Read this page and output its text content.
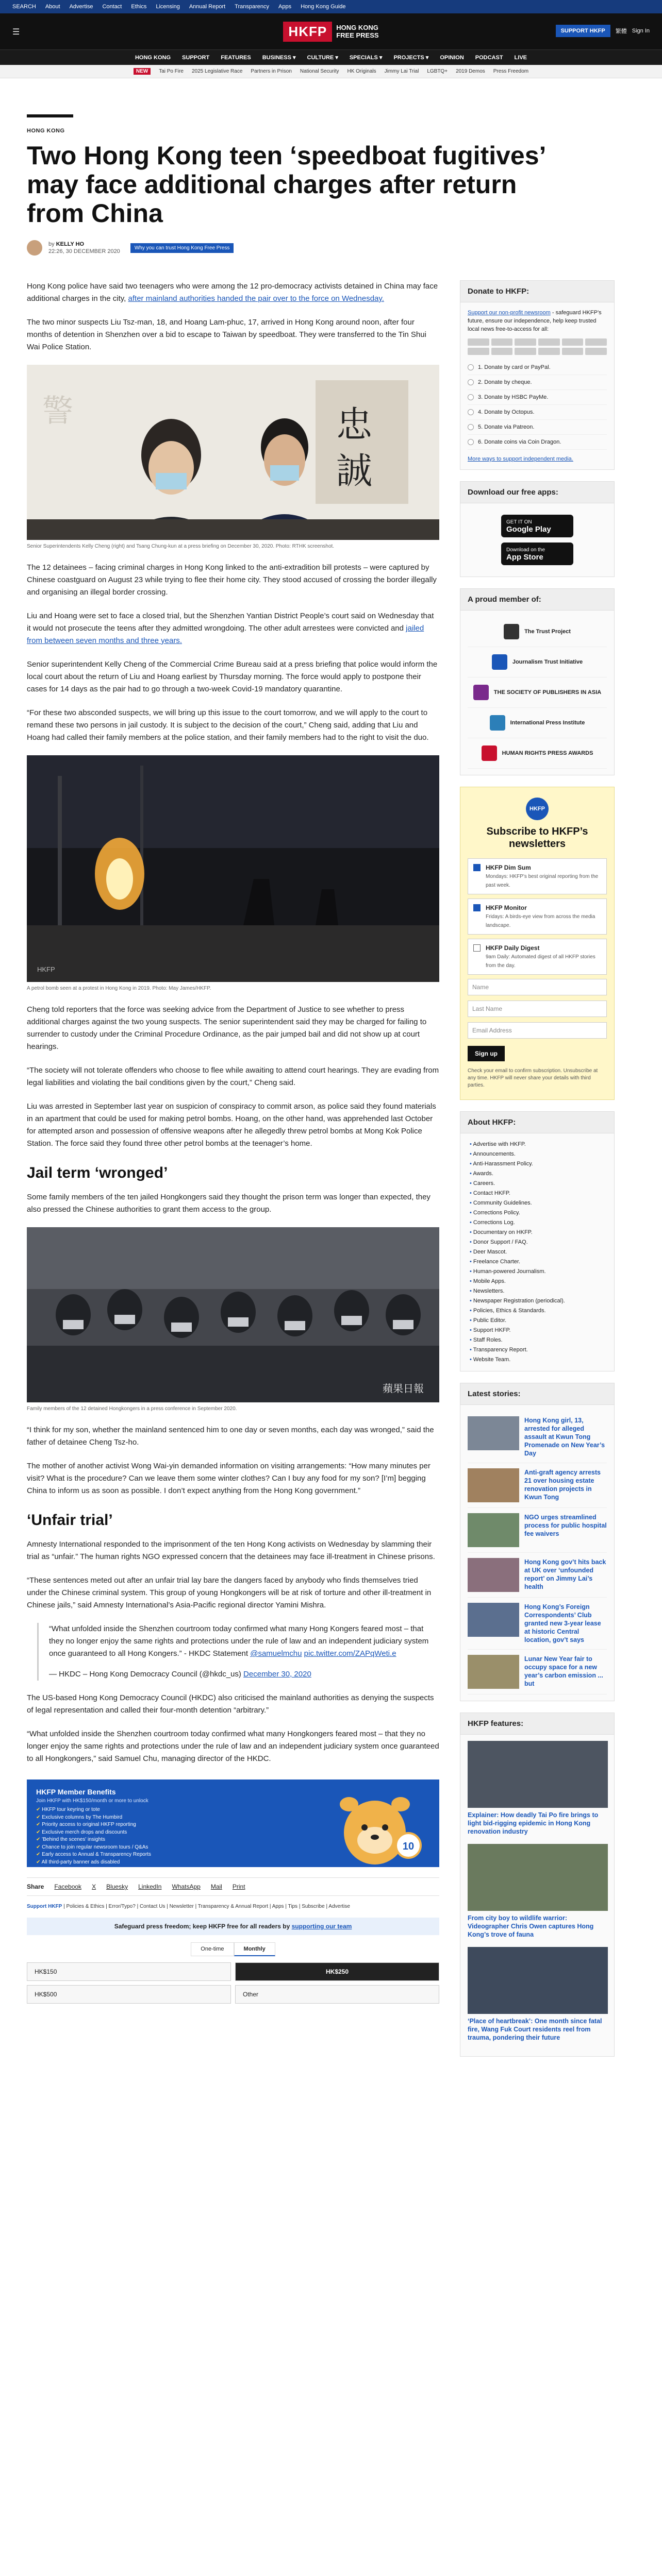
SEARCH About Advertise Contact Ethics Licensing Annual Report Transparency Apps Hong Kong Guide
☰	HKFP	HONG KONG
FREE PRESS
SUPPORT HKFP	繁體 Sign In
HONG KONG SUPPORT FEATURES BUSINESS ▾ CULTURE ▾ SPECIALS ▾ PROJECTS ▾ OPINION PODCAST LIVE
NEW	Tai Po Fire 2025 Legislative Race Partners in Prison National Security HK Originals Jimmy Lai Trial LGBTQ+ 2019 Demos Press Freedom
HONG KONG
Two Hong Kong teen ‘speedboat fugitives’ may face additional charges after return from China
by KELLY HO
22:26, 30 DECEMBER 2020
Why you can trust Hong Kong Free Press

Hong Kong police have said two teenagers who were among the 12 pro-democracy activists detained in China may face additional charges in the city, after mainland authorities handed the pair over to the force on Wednesday.

The two minor suspects Liu Tsz-man, 18, and Hoang Lam-phuc, 17, arrived in Hong Kong around noon, after four months of detention in Shenzhen over a bid to escape to Taiwan by speedboat. They were transferred to the Tin Shui Wai Police Station.

忠
誠
警
Senior Superintendents Kelly Cheng (right) and Tsang Chung-kun at a press briefing on December 30, 2020. Photo: RTHK screenshot.

The 12 detainees – facing criminal charges in Hong Kong linked to the anti-extradition bill protests – were captured by Chinese coastguard on August 23 while trying to flee their home city. They stood accused of crossing the border illegally and organising an illegal border crossing.

Liu and Hoang were set to face a closed trial, but the Shenzhen Yantian District People’s court said on Wednesday that it would not prosecute the teens after they admitted wrongdoing. The other adult arrestees were convicted and jailed from between seven months and three years.

Senior superintendent Kelly Cheng of the Commercial Crime Bureau said at a press briefing that police would inform the local court about the return of Liu and Hoang earliest by Thursday morning. The force would apply to postpone their cases for 14 days as the pair had to go through a two-week Covid-19 mandatory quarantine.

“For these two absconded suspects, we will bring up this issue to the court tomorrow, and we will apply to the court to remand these two persons in jail custody. It is subject to the decision of the court,” Cheng said, adding that Liu and Hoang had called their family members at the police station, and their family members had to the right to visit the duo.

HKFP
A petrol bomb seen at a protest in Hong Kong in 2019. Photo: May James/HKFP.

Cheng told reporters that the force was seeking advice from the Department of Justice to see whether to press additional charges against the two young suspects. The senior superintendent said they may be charged for failing to surrender to custody under the Criminal Procedure Ordinance, as the pair jumped bail and did not show up at court hearings.

“The society will not tolerate offenders who choose to flee while awaiting to attend court hearings. They are evading from legal liabilities and violating the bail conditions given by the court,” Cheng said.

Liu was arrested in September last year on suspicion of conspiracy to commit arson, as police said they found materials in an apartment that could be used for making petrol bombs. Hoang, on the other hand, was apprehended last October for attempted arson and possession of offensive weapons after he allegedly threw petrol bombs at Mong Kok Police Station. The force said they found three other petrol bombs at the teenager’s home.

Jail term ‘wronged’

Some family members of the ten jailed Hongkongers said they thought the prison term was longer than expected, they also pressed the Chinese authorities to grant them access to the group.

蘋果日報
Family members of the 12 detained Hongkongers in a press conference in September 2020.

“I think for my son, whether the mainland sentenced him to one day or seven months, each day was wronged,” said the father of detainee Cheng Tsz-ho.

The mother of another activist Wong Wai-yin demanded information on visiting arrangements: “How many minutes per visit? What is the procedure? Can we leave them some winter clothes? Can I buy any food for my son? [I’m] begging China to inform us as soon as possible. I don’t expect anything from the Hong Kong government.”

‘Unfair trial’

Amnesty International responded to the imprisonment of the ten Hong Kong activists on Wednesday by slamming their trial as “unfair.” The human rights NGO expressed concern that the detainees may face ill-treatment in Chinese prisons.

“These sentences meted out after an unfair trial lay bare the dangers faced by anybody who finds themselves tried under the Chinese criminal system. This group of young Hongkongers will be at risk of torture and other ill-treatment in Chinese jails,” said Amnesty International’s Asia-Pacific regional director Yamini Mishra.

“What unfolded inside the Shenzhen courtroom today confirmed what many Hong Kongers feared most – that they no longer enjoy the same rights and protections under the rule of law and an independent judiciary system once guaranteed to all Hong Kongers.” - HKDC Statement @samuelmchu pic.twitter.com/ZAPqWeti.e

— HKDC – Hong Kong Democracy Council (@hkdc_us) December 30, 2020

The US-based Hong Kong Democracy Council (HKDC) also criticised the mainland authorities as denying the suspects of legal representation and called their four-month detention “arbitrary.”

“What unfolded inside the Shenzhen courtroom today confirmed what many Hongkongers feared most – that they no longer enjoy the same rights and protections under the rule of law and an independent judiciary system once guaranteed to all Hongkongers,” said Samuel Chu, managing director of the HKDC.

HKFP Member Benefits
Join HKFP with HK$150/month or more to unlock
✔ HKFP tour keyring or tote
✔ Exclusive columns by The Humbird
✔ Priority access to original HKFP reporting
✔ Exclusive merch drops and discounts
✔ 'Behind the scenes' insights
✔ Chance to join regular newsroom tours / Q&As
✔ Early access to Annual & Transparency Reports
✔ All third-party banner ads disabled
10
Share Facebook X Bluesky LinkedIn WhatsApp Mail Print
Support HKFP | Policies & Ethics | Error/Typo? | Contact Us | Newsletter | Transparency & Annual Report | Apps | Tips | Subscribe | Advertise
Safeguard press freedom; keep HKFP free for all readers by supporting our team
One-time	Monthly
HK$150	HK$250
HK$500	Other
Donate to HKFP:

Support our non-profit newsroom - safeguard HKFP’s future, ensure our independence, help keep trusted local news free-to-access for all:

1. Donate by card or PayPal.
2. Donate by cheque.
3. Donate by HSBC PayMe.
4. Donate by Octopus.
5. Donate via Patreon.
6. Donate coins via Coin Dragon.

More ways to support independent media.

Download our free apps:
GET IT ON
Google Play
Download on the
App Store
A proud member of:
The Trust Project
Journalism Trust Initiative
THE SOCIETY OF PUBLISHERS IN ASIA
International Press Institute
HUMAN RIGHTS PRESS AWARDS
HKFP
Subscribe to HKFP’s newsletters
HKFP Dim Sum
Mondays: HKFP’s best original reporting from the past week.
HKFP Monitor
Fridays: A birds-eye view from across the media landscape.
HKFP Daily Digest
9am Daily: Automated digest of all HKFP stories from the day.
Name
Last Name
Email Address
Sign up

Check your email to confirm subscription. Unsubscribe at any time. HKFP will never share your details with third parties.

About HKFP:
• Advertise with HKFP.
• Announcements.
• Anti-Harassment Policy.
• Awards.
• Careers.
• Contact HKFP.
• Community Guidelines.
• Corrections Policy.
• Corrections Log.
• Documentary on HKFP.
• Donor Support / FAQ.
• Deer Mascot.
• Freelance Charter.
• Human-powered Journalism.
• Mobile Apps.
• Newsletters.
• Newspaper Registration (periodical).
• Policies, Ethics & Standards.
• Public Editor.
• Support HKFP.
• Staff Roles.
• Transparency Report.
• Website Team.
Latest stories:
Hong Kong girl, 13, arrested for alleged assault at Kwun Tong Promenade on New Year’s Day
Anti-graft agency arrests 21 over housing estate renovation projects in Kwun Tong
NGO urges streamlined process for public hospital fee waivers
Hong Kong gov’t hits back at UK over ‘unfounded report’ on Jimmy Lai’s health
Hong Kong’s Foreign Correspondents’ Club granted new 3-year lease at historic Central location, gov’t says
Lunar New Year fair to occupy space for a new year’s carbon emission ... but
HKFP features:
Explainer: How deadly Tai Po fire brings to light bid-rigging epidemic in Hong Kong renovation industry
From city boy to wildlife warrior: Videographer Chris Owen captures Hong Kong’s trove of fauna
‘Place of heartbreak’: One month since fatal fire, Wang Fuk Court residents reel from trauma, pondering their future
